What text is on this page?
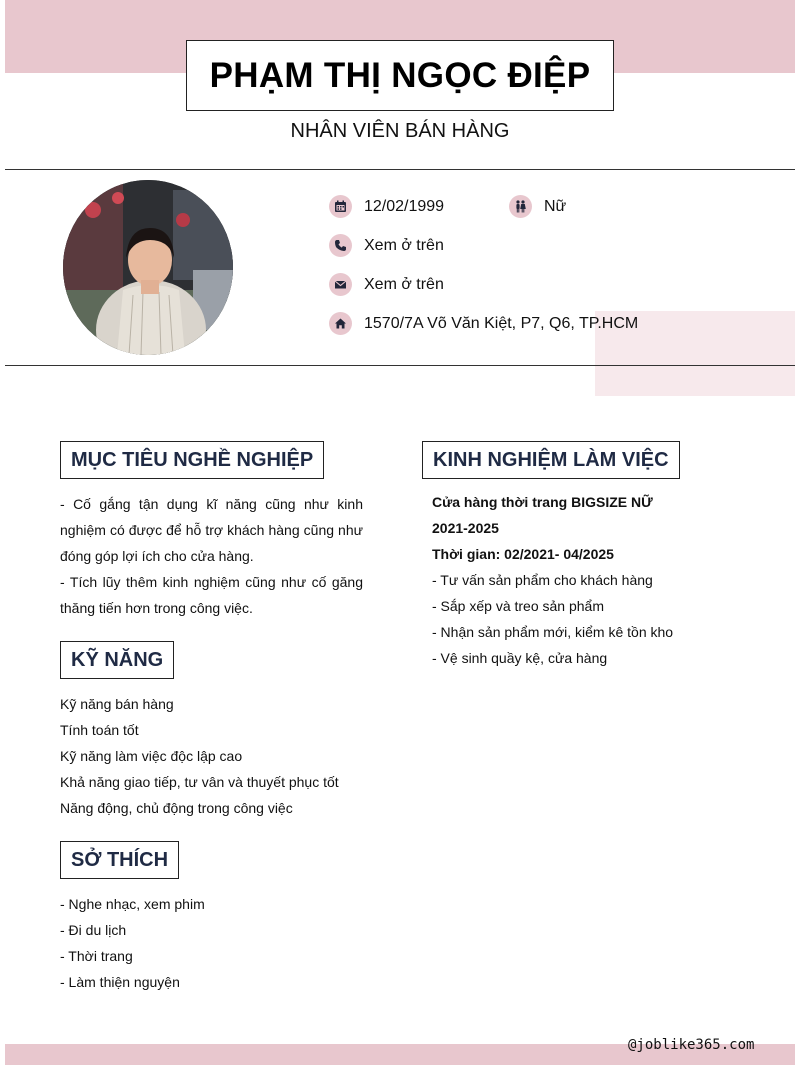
PHẠM THỊ NGỌC ĐIỆP
NHÂN VIÊN BÁN HÀNG
12/02/1999	Nữ
Xem ở trên
Xem ở trên
1570/7A Võ Văn Kiệt, P7, Q6, TP.HCM
MỤC TIÊU NGHỀ NGHIỆP
- Cố gắng tận dụng kĩ năng cũng như kinh nghiệm có được để hỗ trợ khách hàng cũng như đóng góp lợi ích cho cửa hàng.
- Tích lũy thêm kinh nghiệm cũng như cố găng thăng tiến hơn trong công việc.
KỸ NĂNG
Kỹ năng bán hàng
Tính toán tốt
Kỹ năng làm việc độc lập cao
Khả năng giao tiếp, tư vân và thuyết phục tốt
Năng động, chủ động trong công việc
SỞ THÍCH
- Nghe nhạc, xem phim
- Đi du lịch
- Thời trang
- Làm thiện nguyện
KINH NGHIỆM LÀM VIỆC
Cửa hàng thời trang BIGSIZE NỮ
2021-2025
Thời gian: 02/2021- 04/2025
- Tư vấn sản phẩm cho khách hàng
- Sắp xếp và treo sản phẩm
- Nhận sản phẩm mới, kiểm kê tồn kho
- Vệ sinh quầy kệ, cửa hàng
@joblike365.com
